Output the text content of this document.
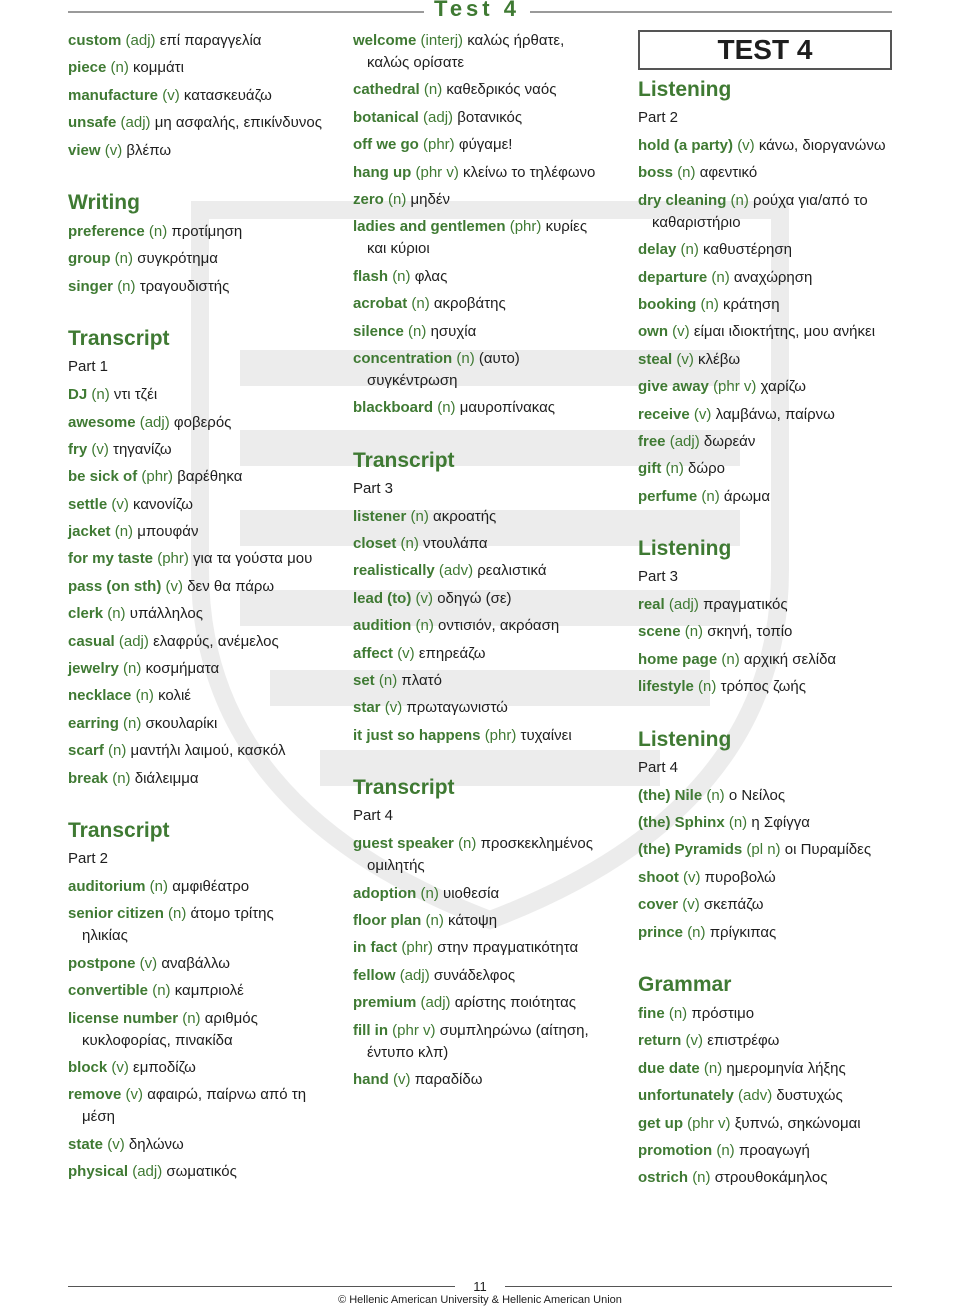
Test 4
custom (adj) επί παραγγελία
piece (n) κομμάτι
manufacture (v) κατασκευάζω
unsafe (adj) μη ασφαλής, επικίνδυνος
view (v) βλέπω
Writing
preference (n) προτίμηση
group (n) συγκρότημα
singer (n) τραγουδιστής
Transcript
Part 1
DJ (n) ντι τζέι
awesome (adj) φοβερός
fry (v) τηγανίζω
be sick of (phr) βαρέθηκα
settle (v) κανονίζω
jacket (n) μπουφάν
for my taste (phr) για τα γούστα μου
pass (on sth) (v) δεν θα πάρω
clerk (n) υπάλληλος
casual (adj) ελαφρύς, ανέμελος
jewelry (n) κοσμήματα
necklace (n) κολιέ
earring (n) σκουλαρίκι
scarf (n) μαντήλι λαιμού, κασκόλ
break (n) διάλειμμα
Transcript
Part 2
auditorium (n) αμφιθέατρο
senior citizen (n) άτομο τρίτης
ηλικίας
postpone (v) αναβάλλω
convertible (n) καμπριολέ
license number (n) αριθμός
κυκλοφορίας, πινακίδα
block (v) εμποδίζω
remove (v) αφαιρώ, παίρνω από τη
μέση
state (v) δηλώνω
physical (adj) σωματικός
welcome (interj) καλώς ήρθατε,
καλώς ορίσατε
cathedral (n) καθεδρικός ναός
botanical (adj) βοτανικός
off we go (phr) φύγαμε!
hang up (phr v) κλείνω το τηλέφωνο
zero (n) μηδέν
ladies and gentlemen (phr) κυρίες
και κύριοι
flash (n) φλας
acrobat (n) ακροβάτης
silence (n) ησυχία
concentration (n) (αυτο)
συγκέντρωση
blackboard (n) μαυροπίνακας
Transcript
Part 3
listener (n) ακροατής
closet (n) ντουλάπα
realistically (adv) ρεαλιστικά
lead (to) (v) οδηγώ (σε)
audition (n) οντισιόν, ακρόαση
affect (v) επηρεάζω
set (n) πλατό
star (v) πρωταγωνιστώ
it just so happens (phr) τυχαίνει
Transcript
Part 4
guest speaker (n) προσκεκλημένος
ομιλητής
adoption (n) υιοθεσία
floor plan (n) κάτοψη
in fact (phr) στην πραγματικότητα
fellow (adj) συνάδελφος
premium (adj) αρίστης ποιότητας
fill in (phr v) συμπληρώνω (αίτηση,
έντυπο κλπ)
hand (v) παραδίδω
TEST 4
Listening
Part 2
hold (a party) (v) κάνω, διοργανώνω
boss (n) αφεντικό
dry cleaning (n) ρούχα για/από το
καθαριστήριο
delay (n) καθυστέρηση
departure (n) αναχώρηση
booking (n) κράτηση
own (v) είμαι ιδιοκτήτης, μου ανήκει
steal (v) κλέβω
give away (phr v) χαρίζω
receive (v) λαμβάνω, παίρνω
free (adj) δωρεάν
gift (n) δώρο
perfume (n) άρωμα
Listening
Part 3
real (adj) πραγματικός
scene (n) σκηνή, τοπίο
home page (n) αρχική σελίδα
lifestyle (n) τρόπος ζωής
Listening
Part 4
(the) Nile (n) ο Νείλος
(the) Sphinx (n) η Σφίγγα
(the) Pyramids (pl n) οι Πυραμίδες
shoot (v) πυροβολώ
cover (v) σκεπάζω
prince (n) πρίγκιπας
Grammar
fine (n) πρόστιμο
return (v) επιστρέφω
due date (n) ημερομηνία λήξης
unfortunately (adv) δυστυχώς
get up (phr v) ξυπνώ, σηκώνομαι
promotion (n) προαγωγή
ostrich (n) στρουθοκάμηλος
11
© Hellenic American University & Hellenic American Union
